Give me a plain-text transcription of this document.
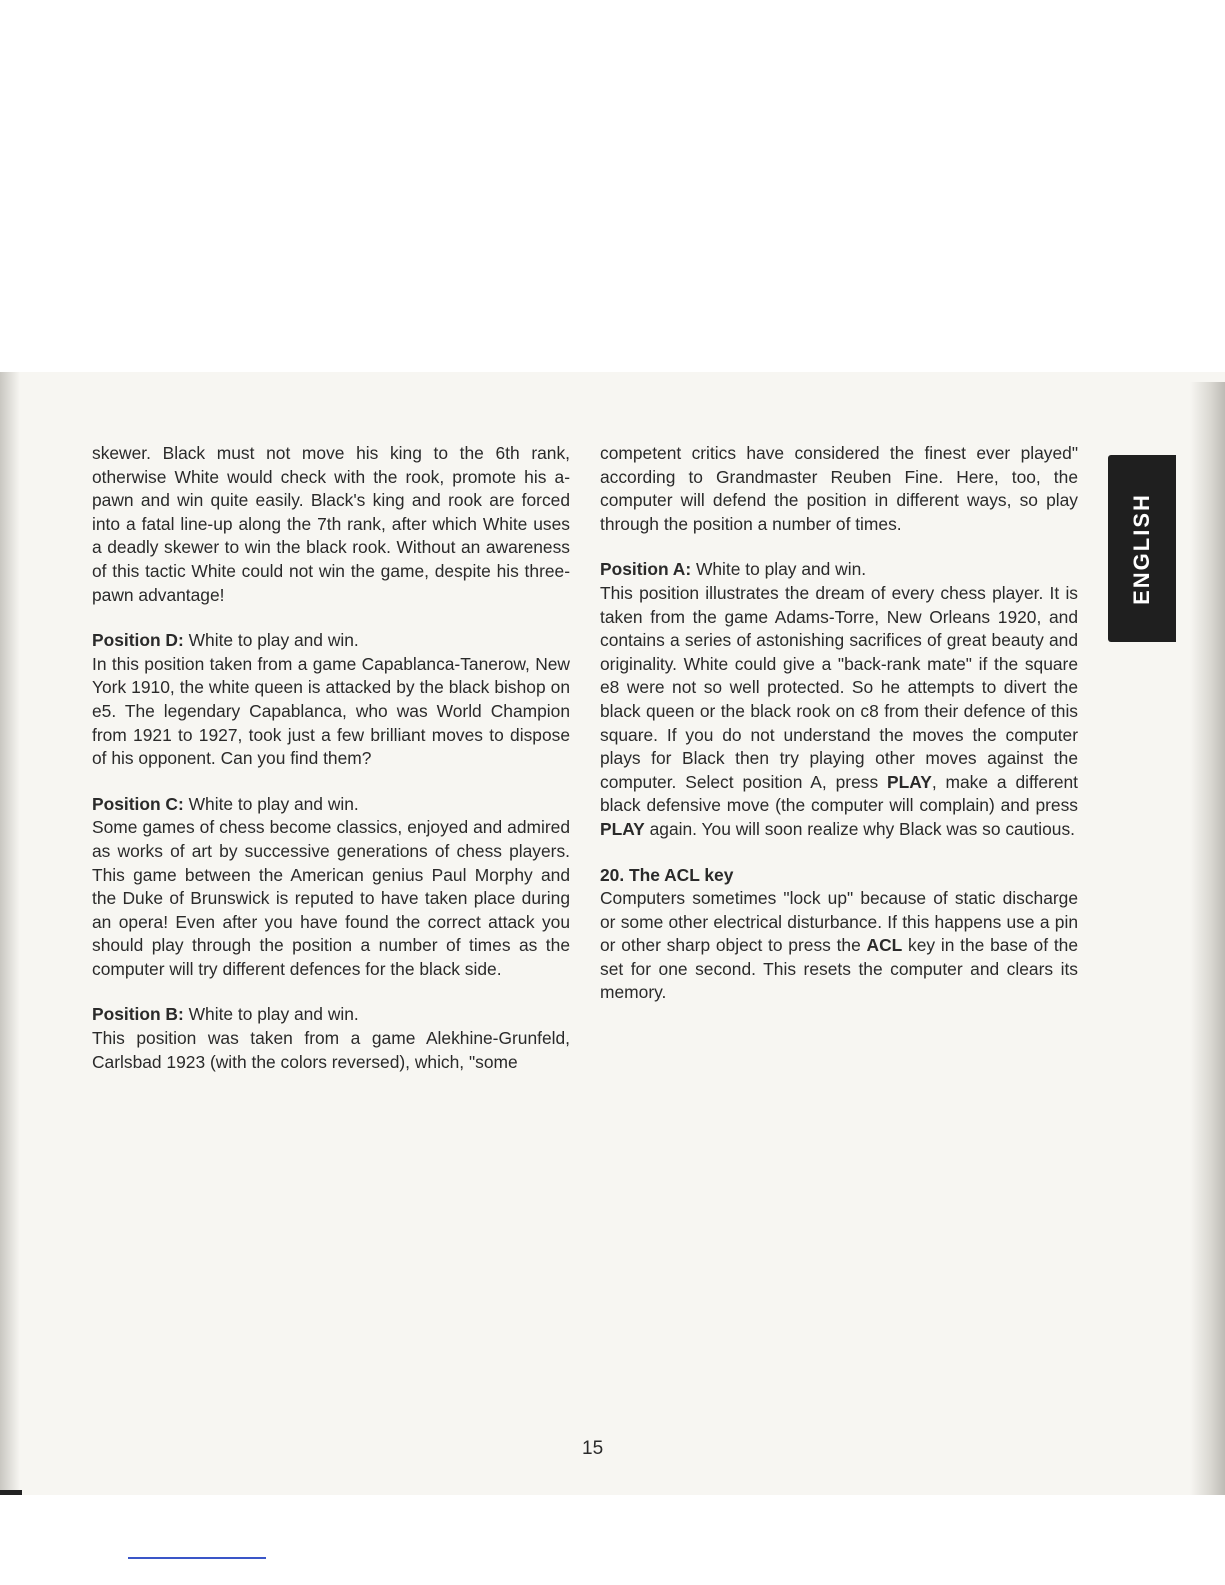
ENGLISH

skewer. Black must not move his king to the 6th rank, otherwise White would check with the rook, promote his a-pawn and win quite easily. Black's king and rook are forced into a fatal line-up along the 7th rank, after which White uses a deadly skewer to win the black rook. Without an awareness of this tactic White could not win the game, despite his three-pawn advantage!

Position D: White to play and win.
In this position taken from a game Capablanca-Tanerow, New York 1910, the white queen is attacked by the black bishop on e5. The legendary Capablanca, who was World Champion from 1921 to 1927, took just a few brilliant moves to dispose of his opponent. Can you find them?

Position C: White to play and win.
Some games of chess become classics, enjoyed and admired as works of art by successive generations of chess players. This game between the American genius Paul Morphy and the Duke of Brunswick is reputed to have taken place during an opera! Even after you have found the correct attack you should play through the position a number of times as the computer will try different defences for the black side.

Position B: White to play and win.
This position was taken from a game Alekhine-Grunfeld, Carlsbad 1923 (with the colors reversed), which, "some

competent critics have considered the finest ever played" according to Grandmaster Reuben Fine. Here, too, the computer will defend the position in different ways, so play through the position a number of times.

Position A: White to play and win.
This position illustrates the dream of every chess player. It is taken from the game Adams-Torre, New Orleans 1920, and contains a series of astonishing sacrifices of great beauty and originality. White could give a "back-rank mate" if the square e8 were not so well protected. So he attempts to divert the black queen or the black rook on c8 from their defence of this square. If you do not understand the moves the computer plays for Black then try playing other moves against the computer. Select position A, press PLAY, make a different black defensive move (the computer will complain) and press PLAY again. You will soon realize why Black was so cautious.

20. The ACL key
Computers sometimes "lock up" because of static discharge or some other electrical disturbance. If this happens use a pin or other sharp object to press the ACL key in the base of the set for one second. This resets the computer and clears its memory.

15
